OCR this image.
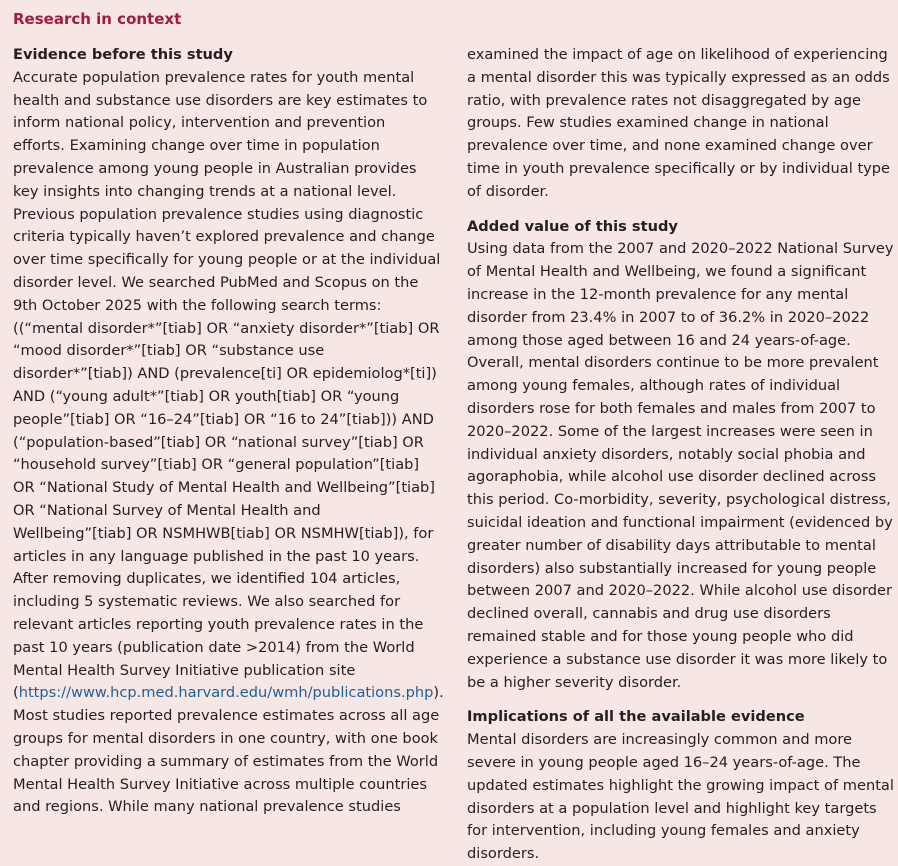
Research in context
Evidence before this study

Accurate population prevalence rates for youth mental health and substance use disorders are key estimates to inform national policy, intervention and prevention efforts. Examining change over time in population prevalence among young people in Australian provides key insights into changing trends at a national level. Previous population prevalence studies using diagnostic criteria typically haven’t explored prevalence and change over time specifically for young people or at the individual disorder level. We searched PubMed and Scopus on the 9th October 2025 with the following search terms: ((“mental disorder*”[tiab] OR “anxiety disorder*”[tiab] OR “mood disorder*”[tiab] OR “substance use disorder*”[tiab]) AND (prevalence[ti] OR epidemiolog*[ti]) AND (“young adult*”[tiab] OR youth[tiab] OR “young people”[tiab] OR “16–24”[tiab] OR “16 to 24”[tiab])) AND (“population-based”[tiab] OR “national survey”[tiab] OR “household survey”[tiab] OR “general population”[tiab] OR “National Study of Mental Health and Wellbeing”[tiab] OR “National Survey of Mental Health and Wellbeing”[tiab] OR NSMHWB[tiab] OR NSMHW[tiab]), for articles in any language published in the past 10 years. After removing duplicates, we identified 104 articles, including 5 systematic reviews. We also searched for relevant articles reporting youth prevalence rates in the past 10 years (publication date >2014) from the World Mental Health Survey Initiative publication site (https://www.hcp.med.harvard.edu/wmh/publications.php). Most studies reported prevalence estimates across all age groups for mental disorders in one country, with one book chapter providing a summary of estimates from the World Mental Health Survey Initiative across multiple countries and regions. While many national prevalence studies

examined the impact of age on likelihood of experiencing a mental disorder this was typically expressed as an odds ratio, with prevalence rates not disaggregated by age groups. Few studies examined change in national prevalence over time, and none examined change over time in youth prevalence specifically or by individual type of disorder.

Added value of this study

Using data from the 2007 and 2020–2022 National Survey of Mental Health and Wellbeing, we found a significant increase in the 12-month prevalence for any mental disorder from 23.4% in 2007 to of 36.2% in 2020–2022 among those aged between 16 and 24 years-of-age. Overall, mental disorders continue to be more prevalent among young females, although rates of individual disorders rose for both females and males from 2007 to 2020–2022. Some of the largest increases were seen in individual anxiety disorders, notably social phobia and agoraphobia, while alcohol use disorder declined across this period. Co-morbidity, severity, psychological distress, suicidal ideation and functional impairment (evidenced by greater number of disability days attributable to mental disorders) also substantially increased for young people between 2007 and 2020–2022. While alcohol use disorder declined overall, cannabis and drug use disorders remained stable and for those young people who did experience a substance use disorder it was more likely to be a higher severity disorder.

Implications of all the available evidence

Mental disorders are increasingly common and more severe in young people aged 16–24 years-of-age. The updated estimates highlight the growing impact of mental disorders at a population level and highlight key targets for intervention, including young females and anxiety disorders.
